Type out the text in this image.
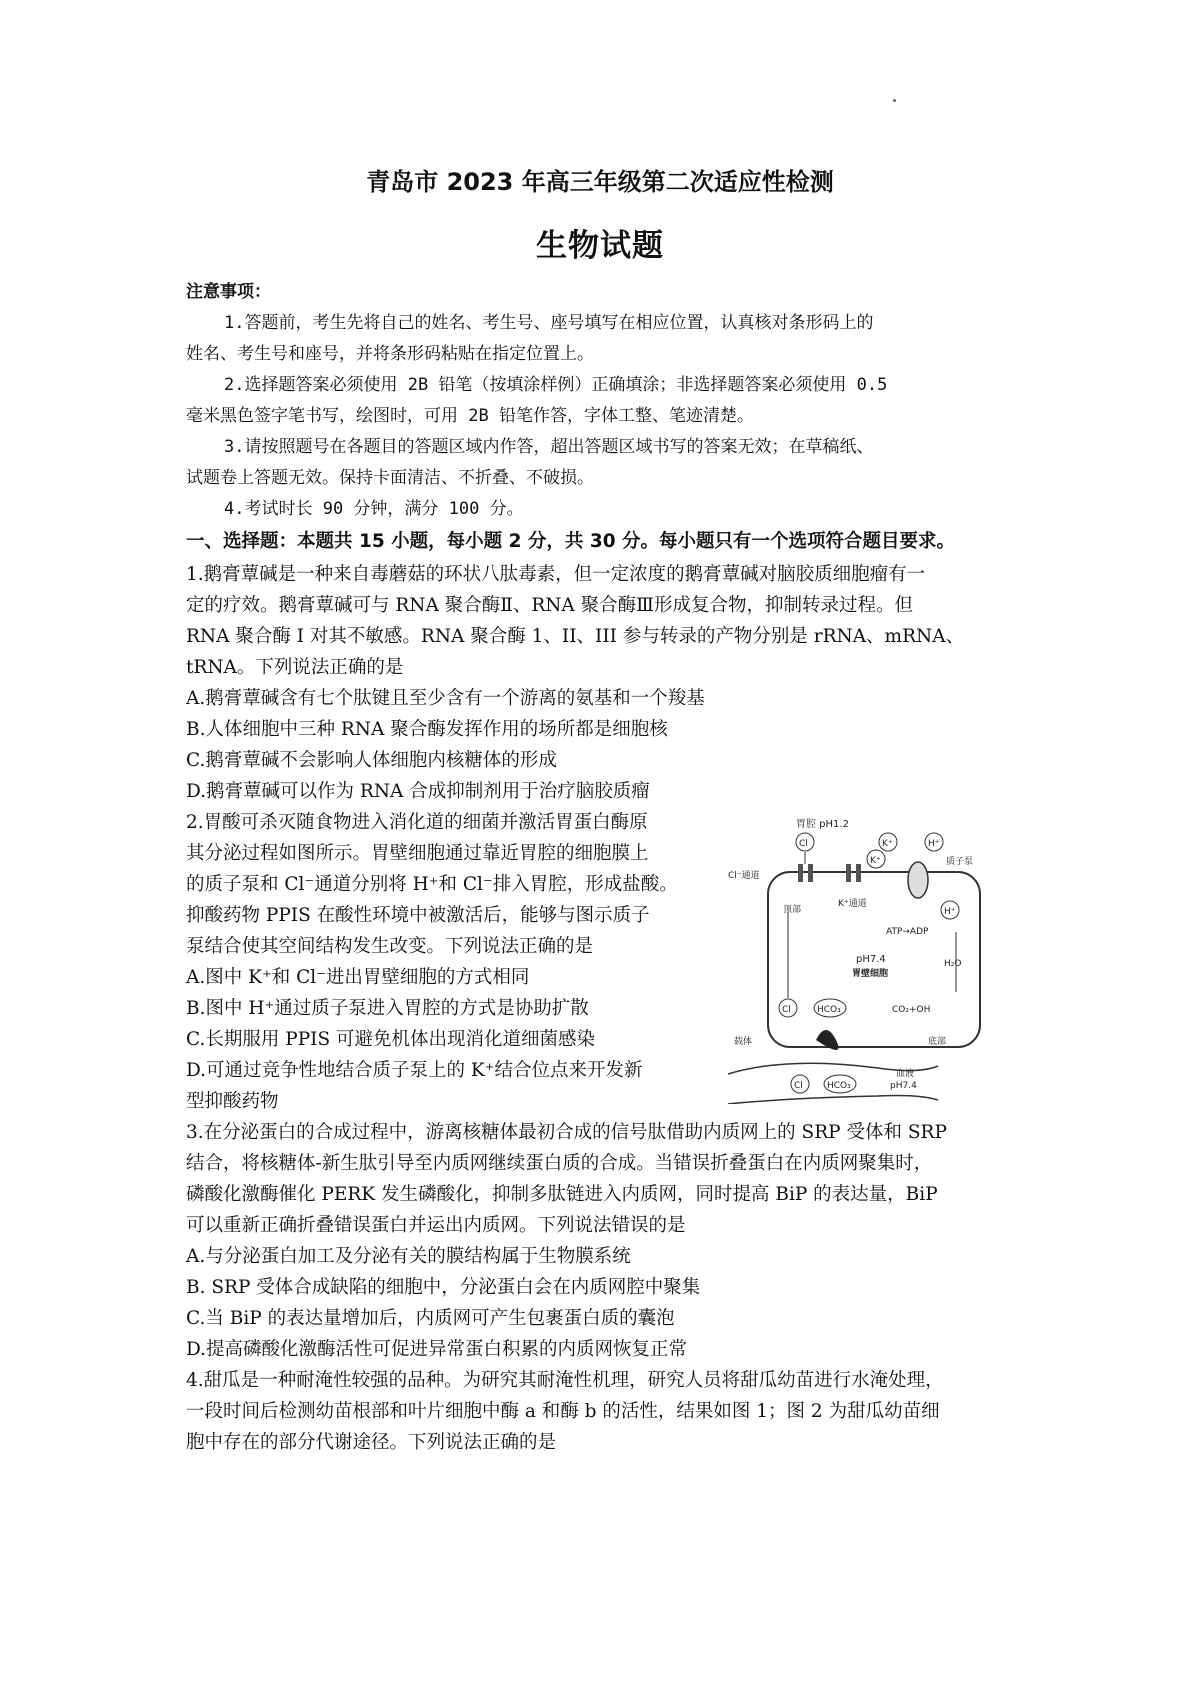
青岛市 2023 年高三年级第二次适应性检测
生物试题
注意事项：
1.答题前，考生先将自己的姓名、考生号、座号填写在相应位置，认真核对条形码上的
姓名、考生号和座号，并将条形码粘贴在指定位置上。
2.选择题答案必须使用 2B 铅笔（按填涂样例）正确填涂；非选择题答案必须使用 0.5
毫米黑色签字笔书写，绘图时，可用 2B 铅笔作答，字体工整、笔迹清楚。
3.请按照题号在各题目的答题区域内作答，超出答题区域书写的答案无效；在草稿纸、
试题卷上答题无效。保持卡面清洁、不折叠、不破损。
4.考试时长 90 分钟，满分 100 分。
一、选择题：本题共 15 小题，每小题 2 分，共 30 分。每小题只有一个选项符合题目要求。
1.鹅膏蕈碱是一种来自毒蘑菇的环状八肽毒素，但一定浓度的鹅膏蕈碱对脑胶质细胞瘤有一
定的疗效。鹅膏蕈碱可与 RNA 聚合酶Ⅱ、RNA 聚合酶Ⅲ形成复合物，抑制转录过程。但
RNA 聚合酶 I 对其不敏感。RNA 聚合酶 1、II、III 参与转录的产物分别是 rRNA、mRNA、
tRNA。下列说法正确的是
A.鹅膏蕈碱含有七个肽键且至少含有一个游离的氨基和一个羧基
B.人体细胞中三种 RNA 聚合酶发挥作用的场所都是细胞核
C.鹅膏蕈碱不会影响人体细胞内核糖体的形成
D.鹅膏蕈碱可以作为 RNA 合成抑制剂用于治疗脑胶质瘤
2.胃酸可杀灭随食物进入消化道的细菌并激活胃蛋白酶原
其分泌过程如图所示。胃壁细胞通过靠近胃腔的细胞膜上
的质子泵和 Cl⁻通道分别将 H⁺和 Cl⁻排入胃腔，形成盐酸。
抑酸药物 PPIS 在酸性环境中被激活后，能够与图示质子
泵结合使其空间结构发生改变。下列说法正确的是
A.图中 K⁺和 Cl⁻进出胃壁细胞的方式相同
B.图中 H⁺通过质子泵进入胃腔的方式是协助扩散
C.长期服用 PPIS 可避免机体出现消化道细菌感染
D.可通过竞争性地结合质子泵上的 K⁺结合位点来开发新
型抑酸药物
胃腔 pH1.2
Cl⁻通道
顶部
K⁺通道
质子泵
Cl	K⁺
K⁺
H⁺
H⁺
ATP→ADP
pH7.4
胃壁细胞
H₂O
CO₂+OH
Cl	HCO₃
载体	底部
Cl	HCO₃
血液
pH7.4
3.在分泌蛋白的合成过程中，游离核糖体最初合成的信号肽借助内质网上的 SRP 受体和 SRP
结合，将核糖体-新生肽引导至内质网继续蛋白质的合成。当错误折叠蛋白在内质网聚集时，
磷酸化激酶催化 PERK 发生磷酸化，抑制多肽链进入内质网，同时提高 BiP 的表达量，BiP
可以重新正确折叠错误蛋白并运出内质网。下列说法错误的是
A.与分泌蛋白加工及分泌有关的膜结构属于生物膜系统
B. SRP 受体合成缺陷的细胞中，分泌蛋白会在内质网腔中聚集
C.当 BiP 的表达量增加后，内质网可产生包裹蛋白质的囊泡
D.提高磷酸化激酶活性可促进异常蛋白积累的内质网恢复正常
4.甜瓜是一种耐淹性较强的品种。为研究其耐淹性机理，研究人员将甜瓜幼苗进行水淹处理，
一段时间后检测幼苗根部和叶片细胞中酶 a 和酶 b 的活性，结果如图 1；图 2 为甜瓜幼苗细
胞中存在的部分代谢途径。下列说法正确的是
